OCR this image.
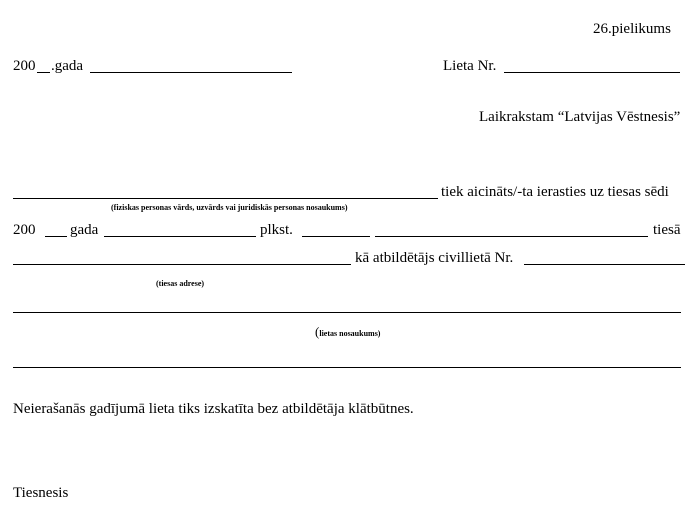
26.pielikums
200 .gada	Lieta Nr.
Laikrakstam “Latvijas Vēstnesis”
tiek aicināts/-ta ierasties uz tiesas sēdi
(fiziskas personas vārds, uzvārds vai juridiskās personas nosaukums)
200 gada	plkst.	tiesā
kā atbildētājs civillietā Nr.
(tiesas adrese)
(lietas nosaukums)
Neierašanās gadījumā lieta tiks izskatīta bez atbildētāja klātbūtnes.
Tiesnesis
